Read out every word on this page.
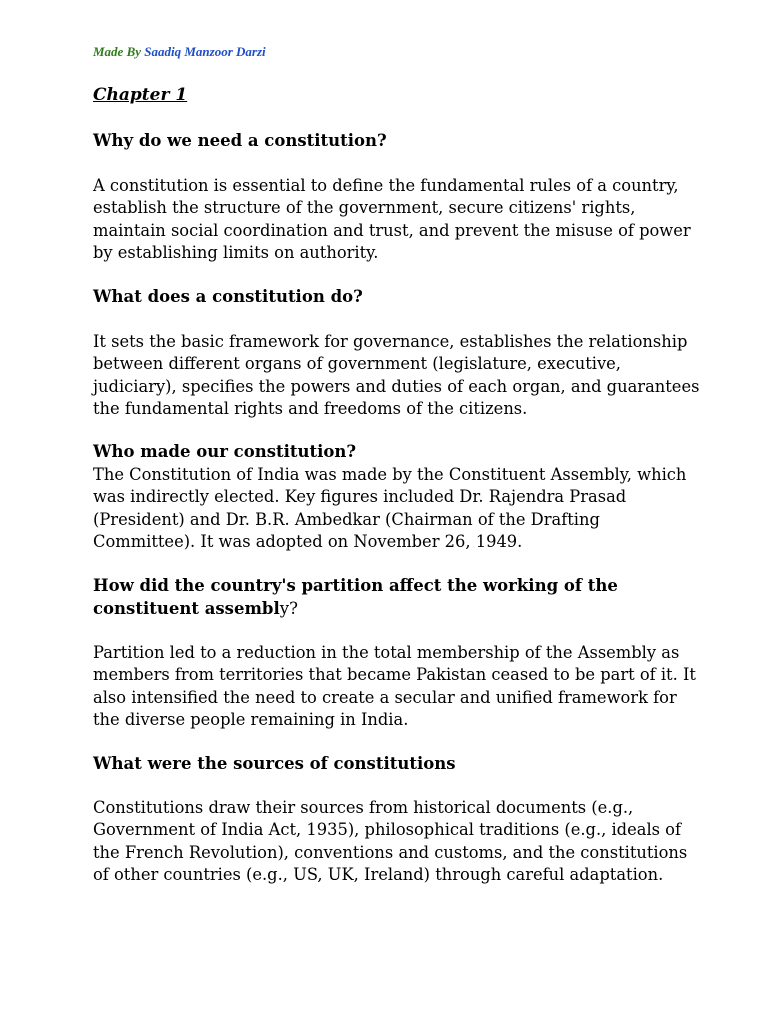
Made By Saadiq Manzoor Darzi
Chapter 1
Why do we need a constitution?
A constitution is essential to define the fundamental rules of a country,
establish the structure of the government, secure citizens' rights,
maintain social coordination and trust, and prevent the misuse of power
by establishing limits on authority.
What does a constitution do?
It sets the basic framework for governance, establishes the relationship
between different organs of government (legislature, executive,
judiciary), specifies the powers and duties of each organ, and guarantees
the fundamental rights and freedoms of the citizens.
Who made our constitution?
The Constitution of India was made by the Constituent Assembly, which
was indirectly elected. Key figures included Dr. Rajendra Prasad
(President) and Dr. B.R. Ambedkar (Chairman of the Drafting
Committee). It was adopted on November 26, 1949.
How did the country's partition affect the working of the
constituent assembly?
Partition led to a reduction in the total membership of the Assembly as
members from territories that became Pakistan ceased to be part of it. It
also intensified the need to create a secular and unified framework for
the diverse people remaining in India.
What were the sources of constitutions
Constitutions draw their sources from historical documents (e.g.,
Government of India Act, 1935), philosophical traditions (e.g., ideals of
the French Revolution), conventions and customs, and the constitutions
of other countries (e.g., US, UK, Ireland) through careful adaptation.
